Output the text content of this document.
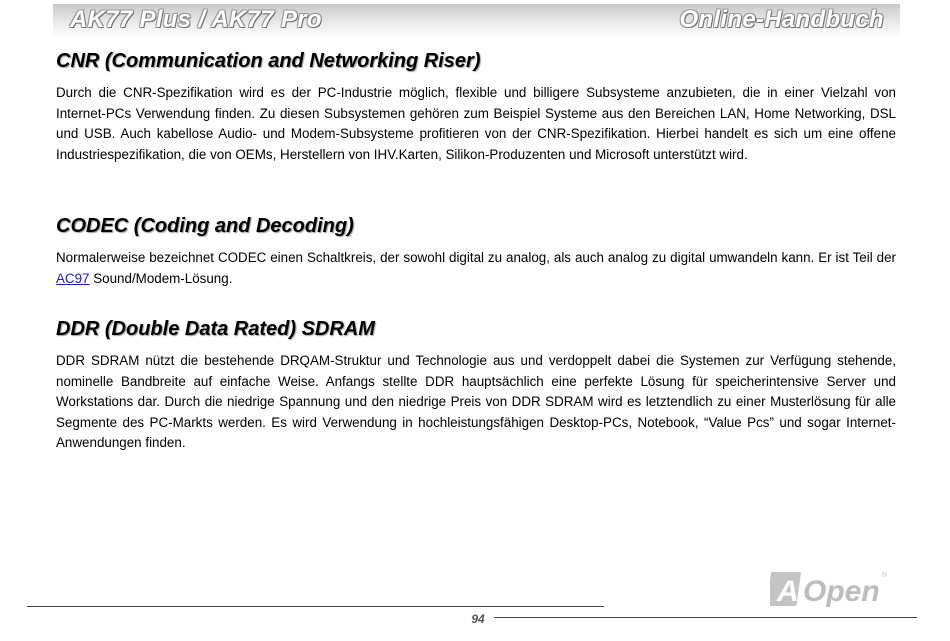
AK77 Plus / AK77 Pro	Online-Handbuch
CNR (Communication and Networking Riser)

Durch die CNR-Spezifikation wird es der PC-Industrie möglich, flexible und billigere Subsysteme anzubieten, die in einer Vielzahl von Internet-PCs Verwendung finden. Zu diesen Subsystemen gehören zum Beispiel Systeme aus den Bereichen LAN, Home Networking, DSL und USB. Auch kabellose Audio- und Modem-Subsysteme profitieren von der CNR-Spezifikation. Hierbei handelt es sich um eine offene Industriespezifikation, die von OEMs, Herstellern von IHV.Karten, Silikon-Produzenten und Microsoft unterstützt wird.

CODEC (Coding and Decoding)

Normalerweise bezeichnet CODEC einen Schaltkreis, der sowohl digital zu analog, als auch analog zu digital umwandeln kann. Er ist Teil der AC97 Sound/Modem-Lösung.

DDR (Double Data Rated) SDRAM

DDR SDRAM nützt die bestehende DRQAM-Struktur und Technologie aus und verdoppelt dabei die Systemen zur Verfügung stehende, nominelle Bandbreite auf einfache Weise. Anfangs stellte DDR hauptsächlich eine perfekte Lösung für speicherintensive Server und Workstations dar. Durch die niedrige Spannung und den niedrige Preis von DDR SDRAM wird es letztendlich zu einer Musterlösung für alle Segmente des PC-Markts werden. Es wird Verwendung in hochleistungsfähigen Desktop-PCs, Notebook, “Value Pcs” und sogar Internet-Anwendungen finden.

94
A Open ®
